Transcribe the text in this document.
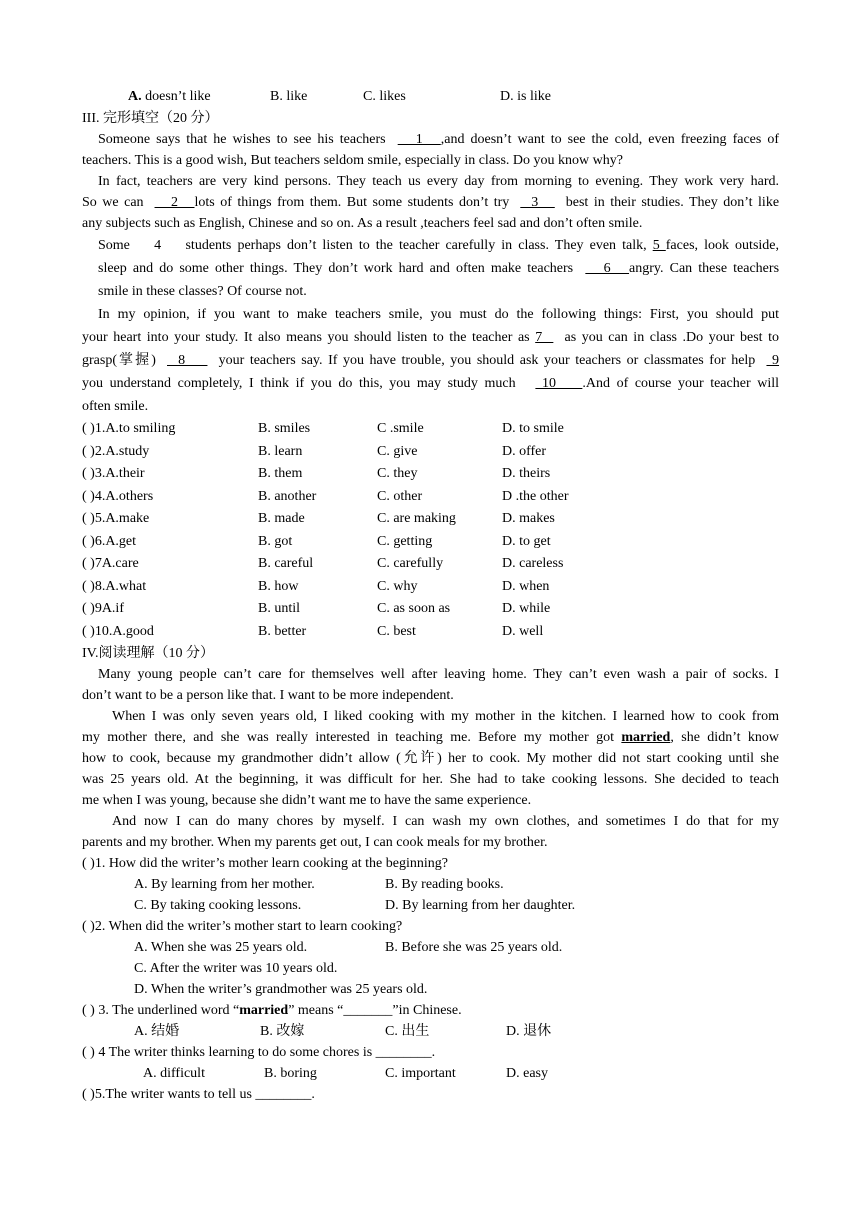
A. doesn’t like	B. like	C. likes	D. is like
III. 完形填空（20 分）
Someone says that he wishes to see his teachers     1   ,and doesn’t want to see the cold, even freezing faces of
teachers. This is a good wish, But teachers seldom smile, especially in class. Do you know why?
In fact, teachers are very kind persons. They teach us every day from morning to evening. They work very hard.
So we can     2   lots of things from them. But some students don’t try    3     best in their studies. They don’t like
any subjects such as English, Chinese and so on. As a result ,teachers feel sad and don’t often smile.
Some    4    students perhaps don’t listen to the teacher carefully in class. They even talk, 5 faces, look outside,
sleep and do some other things. They don’t work hard and often make teachers     6   angry. Can these teachers
smile in these classes? Of course not.
In my opinion, if you want to make teachers smile, you must do the following things: First, you should put
your heart into your study. It also means you should listen to the teacher as 7    as you can in class .Do your best to
grasp(掌握)    8      your teachers say. If you have trouble, you should ask your teachers or classmates for help   9
you understand completely, I think if you do this, you may study much    10    .And of course your teacher will
often smile.
( )1.A.to smiling	B. smiles	C .smile	D. to smile
( )2.A.study	B. learn	C. give	D. offer
( )3.A.their	B. them	C. they	D. theirs
( )4.A.others	B. another	C. other	D .the other
( )5.A.make	B. made	C. are making	D. makes
( )6.A.get	B. got	C. getting	D. to get
( )7A.care	B. careful	C. carefully	D. careless
( )8.A.what	B. how	C. why	D. when
( )9A.if	B. until	C. as soon as	D. while
( )10.A.good	B. better	C. best	D. well
IV.阅读理解（10 分）
Many young people can’t care for themselves well after leaving home. They can’t even wash a pair of socks. I
don’t want to be a person like that. I want to be more independent.
When I was only seven years old, I liked cooking with my mother in the kitchen. I learned how to cook from
my mother there, and she was really interested in teaching me. Before my mother got married, she didn’t know
how to cook, because my grandmother didn’t allow (允许) her to cook. My mother did not start cooking until she
was 25 years old. At the beginning, it was difficult for her. She had to take cooking lessons. She decided to teach
me when I was young, because she didn’t want me to have the same experience.
And now I can do many chores by myself. I can wash my own clothes, and sometimes I do that for my
parents and my brother. When my parents get out, I can cook meals for my brother.
( )1. How did the writer’s mother learn cooking at the beginning?
A. By learning from her mother.	B. By reading books.
C. By taking cooking lessons.	D. By learning from her daughter.
( )2. When did the writer’s mother start to learn cooking?
A. When she was 25 years old.	B. Before she was 25 years old.
C. After the writer was 10 years old.
D. When the writer’s grandmother was 25 years old.
( ) 3. The underlined word “married” means “_______”in Chinese.
A. 结婚	B. 改嫁	C. 出生	D. 退休
( ) 4 The writer thinks learning to do some chores is ________.
A. difficult	B. boring	C. important	D. easy
( )5.The writer wants to tell us ________.
